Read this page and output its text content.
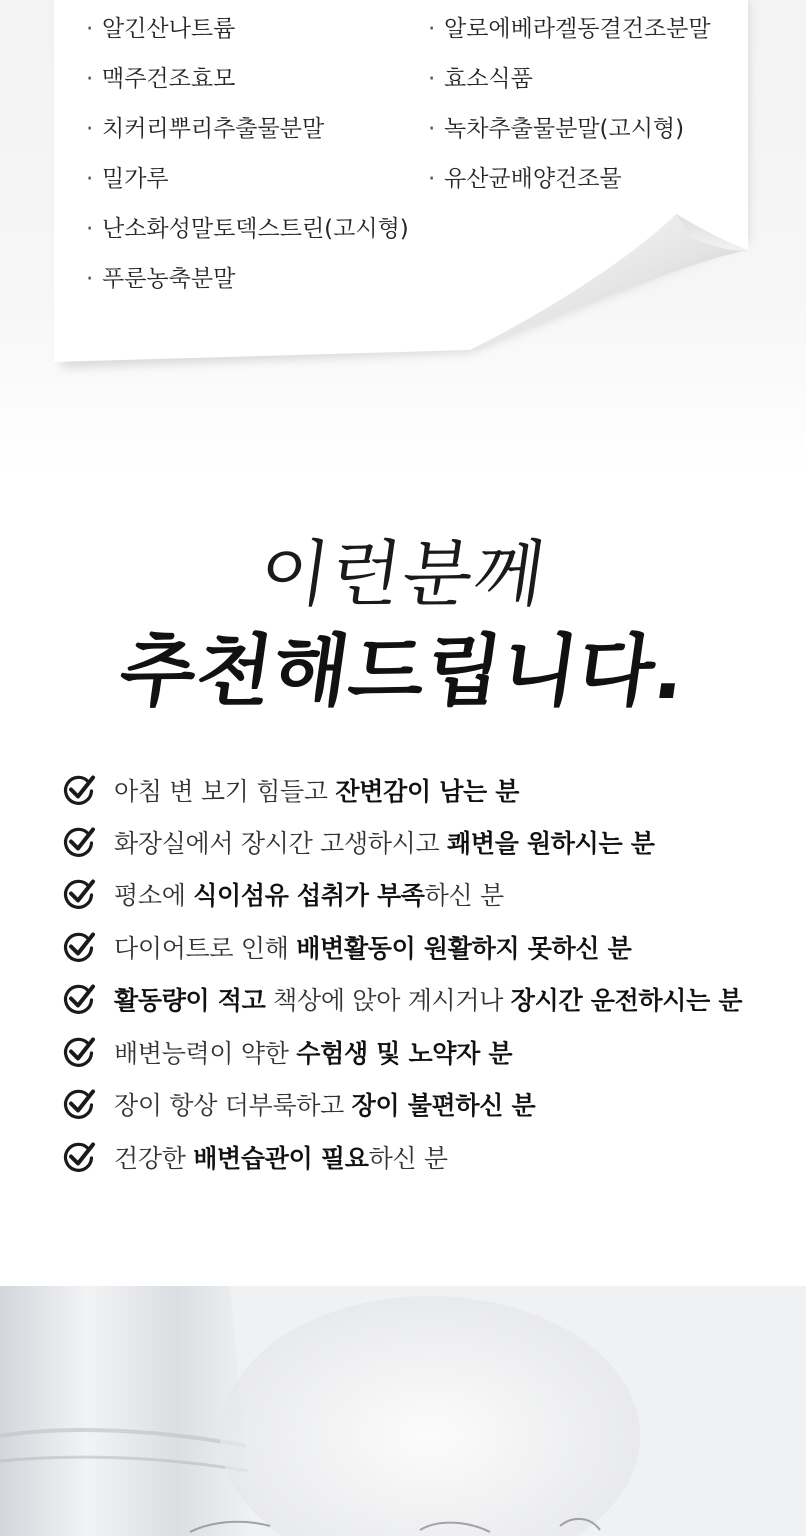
· 알긴산나트륨
· 맥주건조효모
· 치커리뿌리추출물분말
· 밀가루
· 난소화성말토덱스트린(고시형)
· 푸룬농축분말
· 알로에베라겔동결건조분말
· 효소식품
· 녹차추출물분말(고시형)
· 유산균배양건조물
이런분께
추천해드립니다.
아침 변 보기 힘들고 잔변감이 남는 분
화장실에서 장시간 고생하시고 쾌변을 원하시는 분
평소에 식이섬유 섭취가 부족하신 분
다이어트로 인해 배변활동이 원활하지 못하신 분
활동량이 적고 책상에 앉아 계시거나 장시간 운전하시는 분
배변능력이 약한 수험생 및 노약자 분
장이 항상 더부룩하고 장이 불편하신 분
건강한 배변습관이 필요하신 분
